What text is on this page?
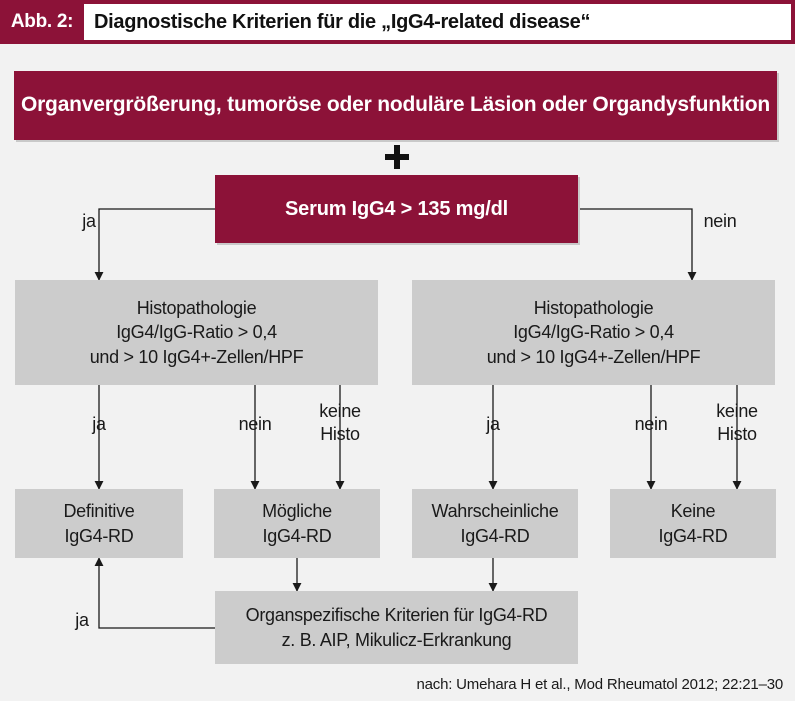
Abb. 2:	Diagnostische Kriterien für die „IgG4-related disease“
Organvergrößerung, tumoröse oder noduläre Läsion oder Organdysfunktion
Serum IgG4 > 135 mg/dl
Histopathologie
IgG4/IgG-Ratio > 0,4
und > 10 IgG4+-Zellen/HPF
Histopathologie
IgG4/IgG-Ratio > 0,4
und > 10 IgG4+-Zellen/HPF
Definitive
IgG4-RD
Mögliche
IgG4-RD
Wahrscheinliche
IgG4-RD
Keine
IgG4-RD
Organspezifische Kriterien für IgG4-RD
z. B. AIP, Mikulicz-Erkrankung
ja	nein
ja	nein
keine
Histo
ja	nein
keine
Histo
ja
nach: Umehara H et al., Mod Rheumatol 2012; 22:21–30
